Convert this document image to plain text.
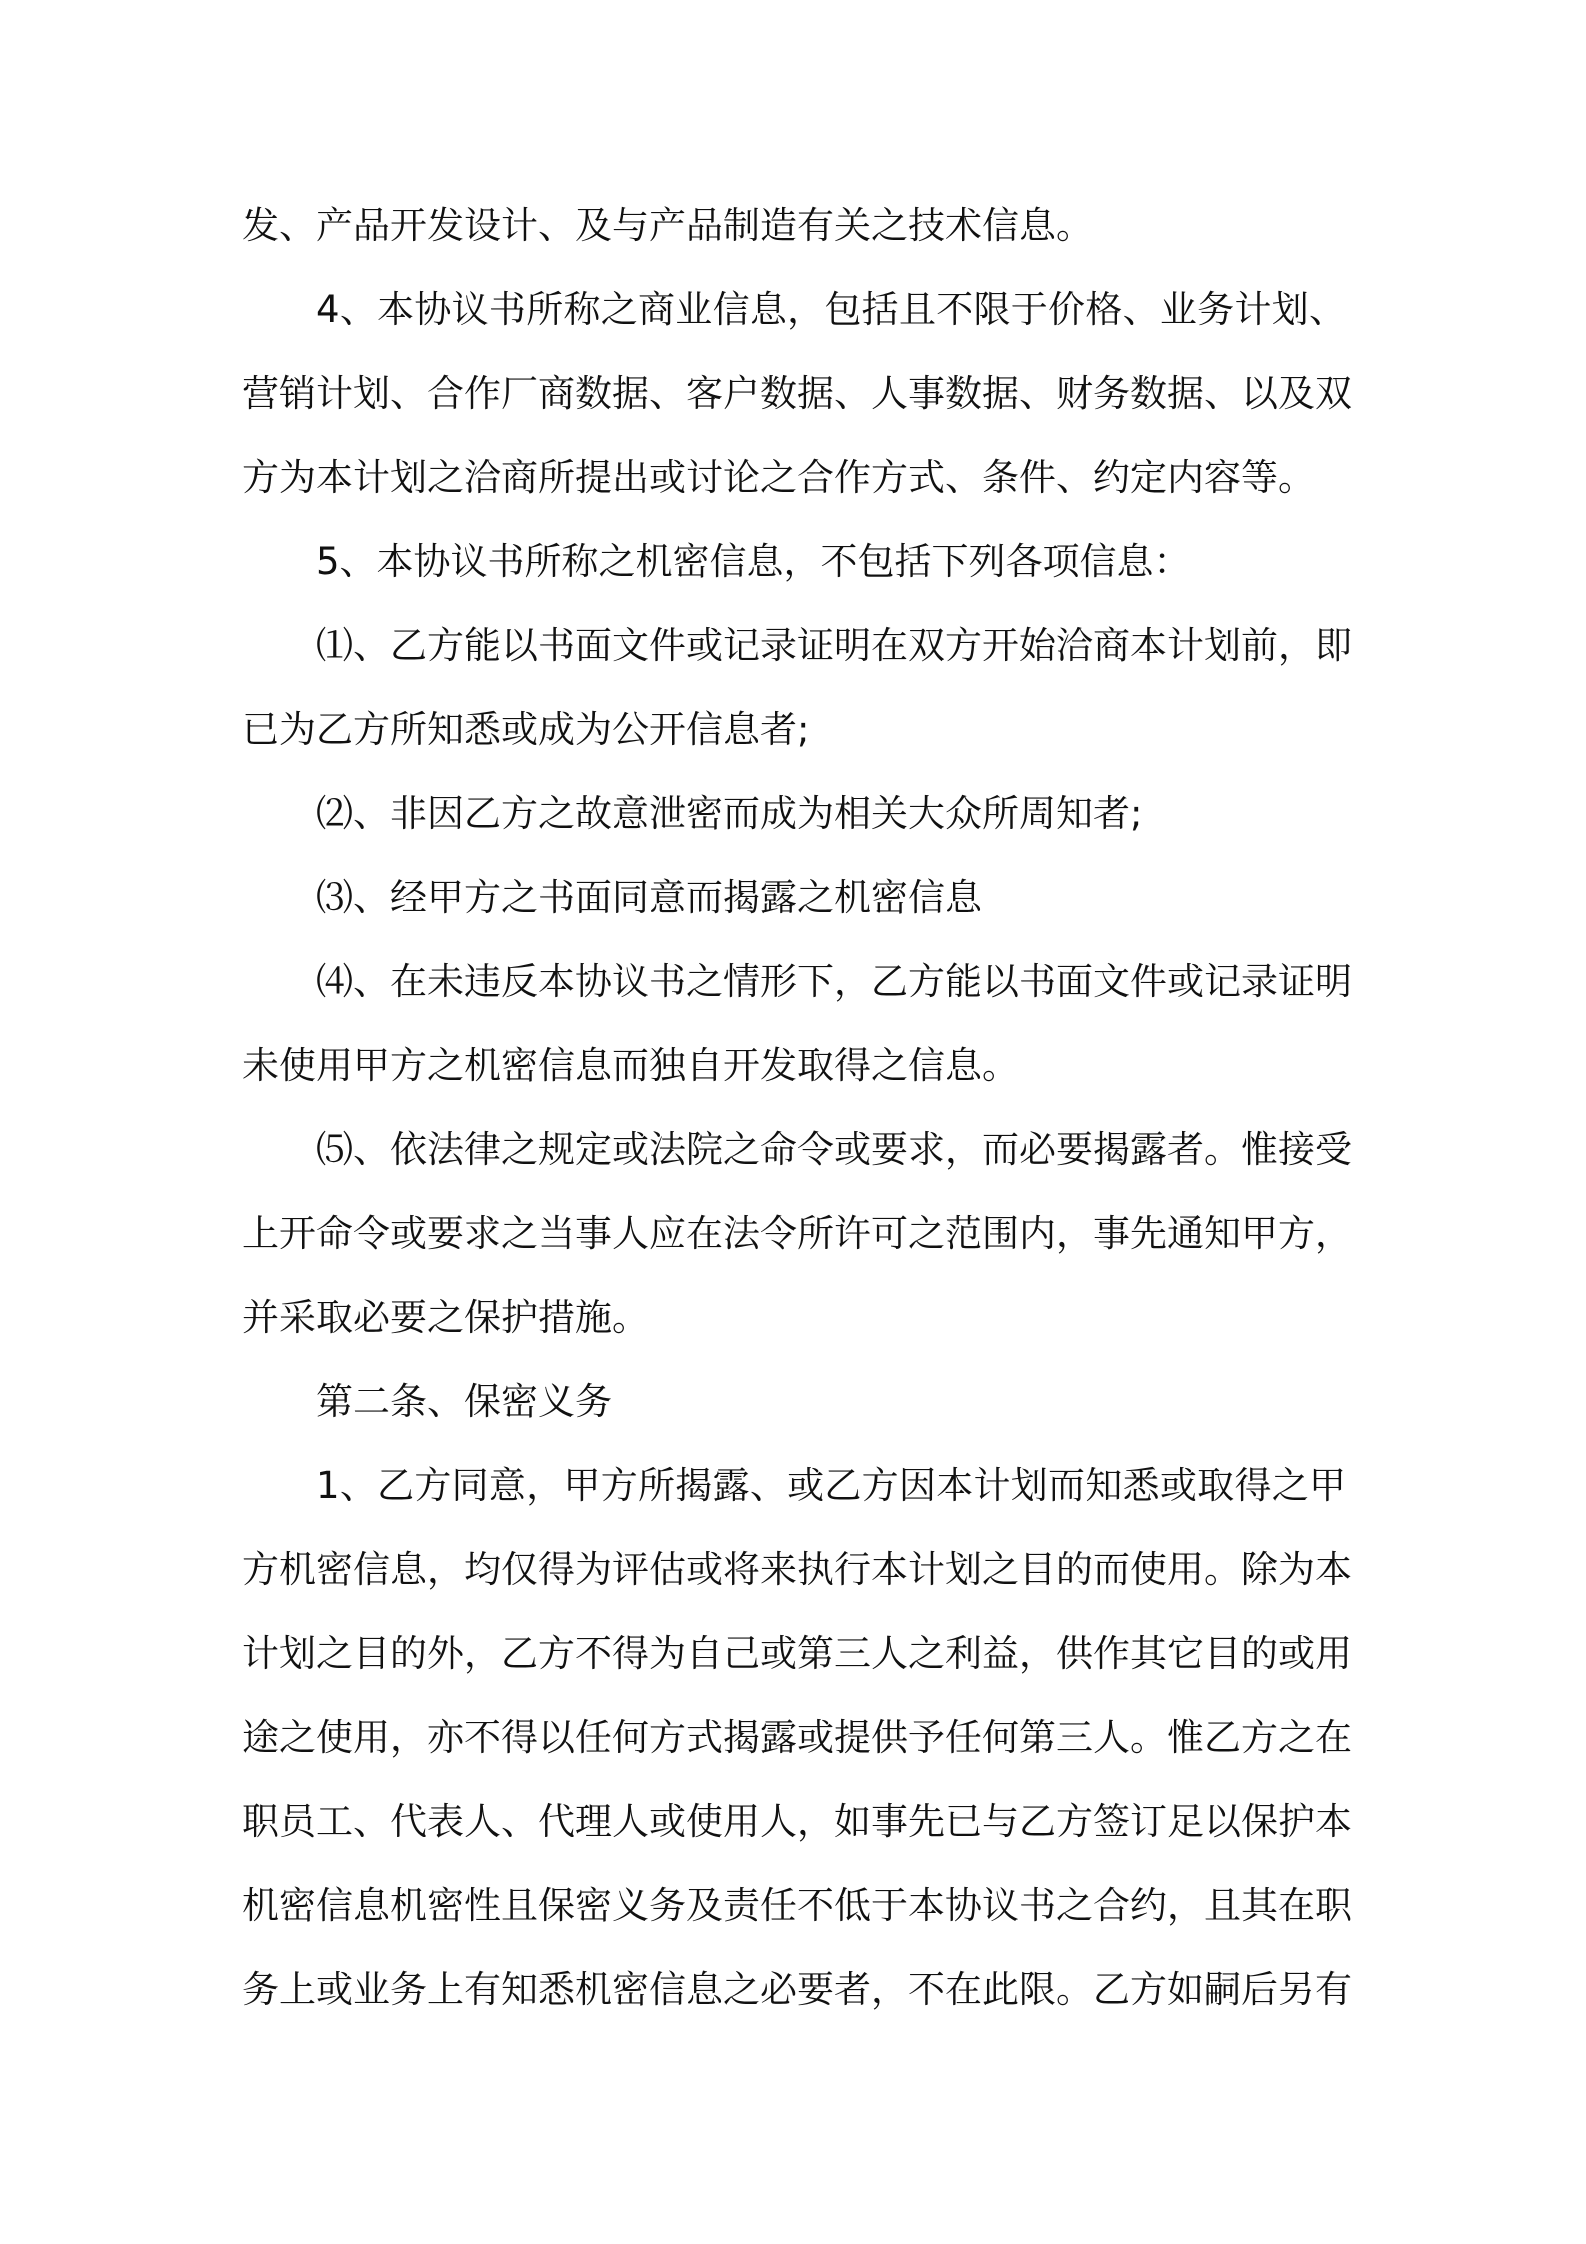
发、产品开发设计、及与产品制造有关之技术信息。

4、本协议书所称之商业信息，包括且不限于价格、业务计划、

营销计划、合作厂商数据、客户数据、人事数据、财务数据、以及双

方为本计划之洽商所提出或讨论之合作方式、条件、约定内容等。

5、本协议书所称之机密信息，不包括下列各项信息：

⑴、乙方能以书面文件或记录证明在双方开始洽商本计划前，即

已为乙方所知悉或成为公开信息者;

⑵、非因乙方之故意泄密而成为相关大众所周知者;

⑶、经甲方之书面同意而揭露之机密信息

⑷、在未违反本协议书之情形下，乙方能以书面文件或记录证明

未使用甲方之机密信息而独自开发取得之信息。

⑸、依法律之规定或法院之命令或要求，而必要揭露者。惟接受

上开命令或要求之当事人应在法令所许可之范围内，事先通知甲方，

并采取必要之保护措施。

第二条、保密义务

1、乙方同意，甲方所揭露、或乙方因本计划而知悉或取得之甲

方机密信息，均仅得为评估或将来执行本计划之目的而使用。除为本

计划之目的外，乙方不得为自己或第三人之利益，供作其它目的或用

途之使用，亦不得以任何方式揭露或提供予任何第三人。惟乙方之在

职员工、代表人、代理人或使用人，如事先已与乙方签订足以保护本

机密信息机密性且保密义务及责任不低于本协议书之合约，且其在职

务上或业务上有知悉机密信息之必要者，不在此限。乙方如嗣后另有
